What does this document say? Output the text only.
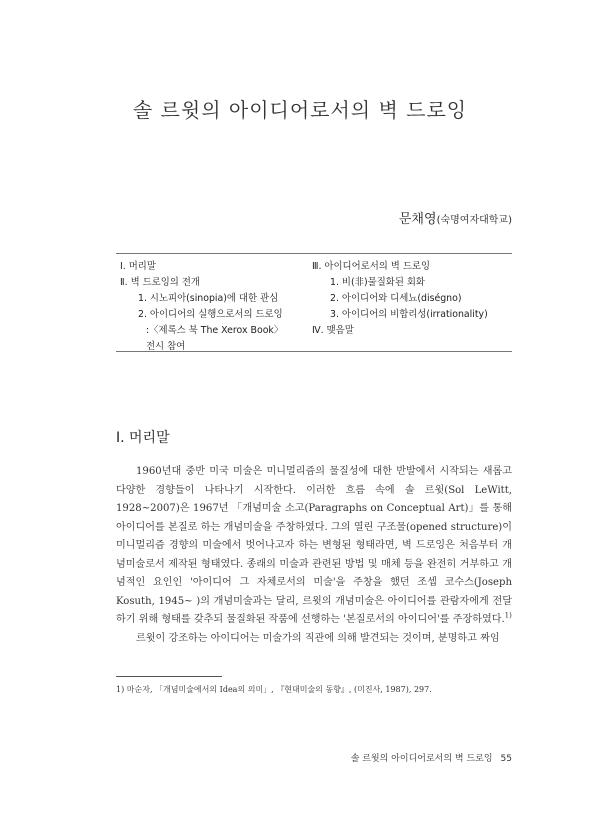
솔 르윗의 아이디어로서의 벽 드로잉
문채영(숙명여자대학교)
Ⅰ. 머리말
Ⅱ. 벽 드로잉의 전개
1. 시노피아(sinopia)에 대한 관심
2. 아이디어의 실행으로서의 드로잉
:〈제록스 북 The Xerox Book〉
전시 참여
Ⅲ. 아이디어로서의 벽 드로잉
1. 비(非)물질화된 회화
2. 아이디어와 디세뇨(diségno)
3. 아이디어의 비합리성(irrationality)
Ⅳ. 맺음말
Ⅰ. 머리말

1960년대 중반 미국 미술은 미니멀리즘의 물질성에 대한 반발에서 시작되는 새롭고 다양한 경향들이 나타나기 시작한다. 이러한 흐름 속에 솔 르윗(Sol LeWitt, 1928~2007)은 1967년 「개념미술 소고(Paragraphs on Conceptual Art)」를 통해 아이디어를 본질로 하는 개념미술을 주창하였다. 그의 열린 구조물(opened structure)이 미니멀리즘 경향의 미술에서 벗어나고자 하는 변형된 형태라면, 벽 드로잉은 처음부터 개념미술로서 제작된 형태였다. 종래의 미술과 관련된 방법 및 매체 등을 완전히 거부하고 개념적인 요인인 '아이디어 그 자체로서의 미술'을 주창을 했던 조셉 코수스(Joseph Kosuth, 1945~ )의 개념미술과는 달리, 르윗의 개념미술은 아이디어를 관람자에게 전달하기 위해 형태를 갖추되 물질화된 작품에 선행하는 '본질로서의 아이디어'를 주장하였다.$^{1)}$

르윗이 강조하는 아이디어는 미술가의 직관에 의해 발견되는 것이며, 분명하고 짜임

1) 마순자, 「개념미술에서의 Idea의 의미」, 『현대미술의 동향』, (미진사, 1987), 297.
솔 르윗의 아이디어로서의 벽 드로잉 55
